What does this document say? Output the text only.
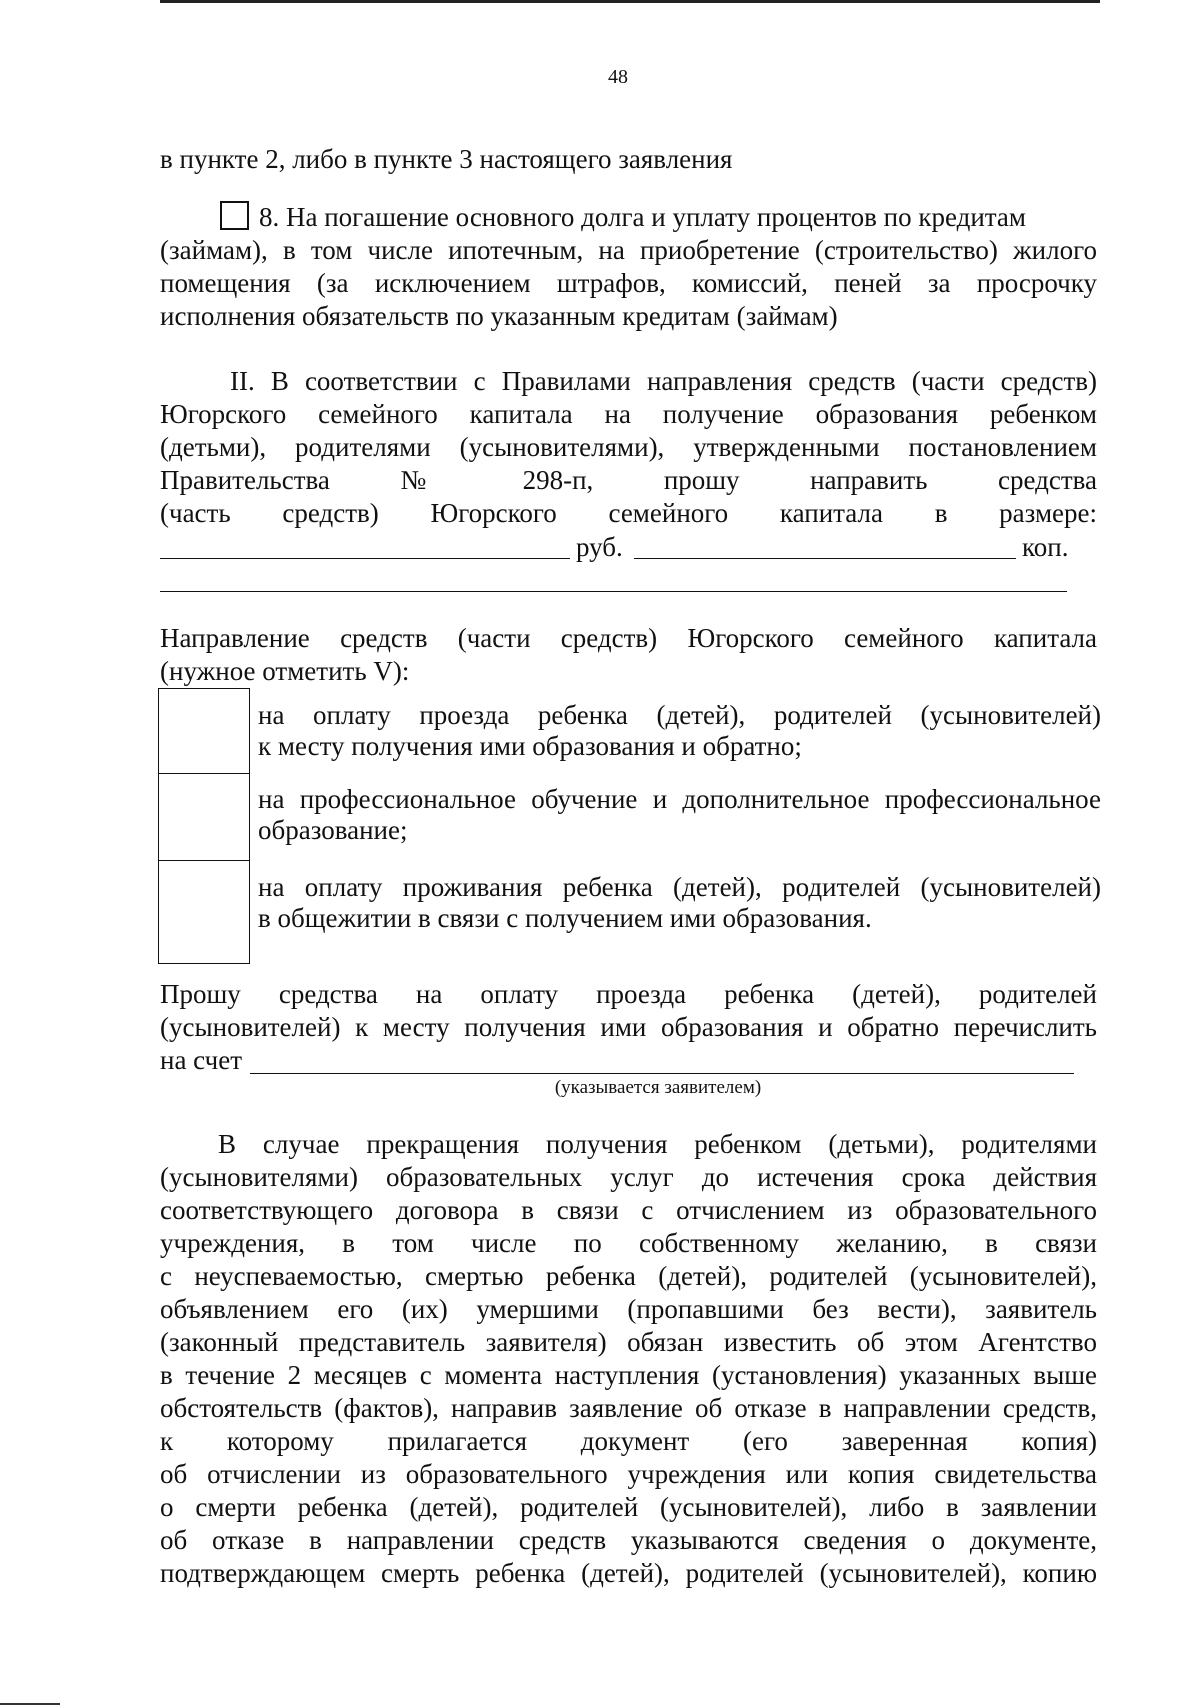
48
в пункте 2, либо в пункте 3 настоящего заявления
8. На погашение основного долга и уплату процентов по кредитам
(займам), в том числе ипотечным, на приобретение (строительство) жилого
помещения (за исключением штрафов, комиссий, пеней за просрочку
исполнения обязательств по указанным кредитам (займам)
II. В соответствии с Правилами направления средств (части средств)
Югорского семейного капитала на получение образования ребенком
(детьми), родителями (усыновителями), утвержденными постановлением
Правительства № 298-п, прошу направить средства
(часть средств) Югорского семейного капитала в размере:
руб.	коп.
Направление средств (части средств) Югорского семейного капитала
(нужное отметить V):
на оплату проезда ребенка (детей), родителей (усыновителей)
к месту получения ими образования и обратно;
на профессиональное обучение и дополнительное профессиональное
образование;
на оплату проживания ребенка (детей), родителей (усыновителей)
в общежитии в связи с получением ими образования.
Прошу средства на оплату проезда ребенка (детей), родителей
(усыновителей) к месту получения ими образования и обратно перечислить
на счет
(указывается заявителем)
В случае прекращения получения ребенком (детьми), родителями
(усыновителями) образовательных услуг до истечения срока действия
соответствующего договора в связи с отчислением из образовательного
учреждения, в том числе по собственному желанию, в связи
с неуспеваемостью, смертью ребенка (детей), родителей (усыновителей),
объявлением его (их) умершими (пропавшими без вести), заявитель
(законный представитель заявителя) обязан известить об этом Агентство
в течение 2 месяцев с момента наступления (установления) указанных выше
обстоятельств (фактов), направив заявление об отказе в направлении средств,
к которому прилагается документ (его заверенная копия)
об отчислении из образовательного учреждения или копия свидетельства
о смерти ребенка (детей), родителей (усыновителей), либо в заявлении
об отказе в направлении средств указываются сведения о документе,
подтверждающем смерть ребенка (детей), родителей (усыновителей), копию
